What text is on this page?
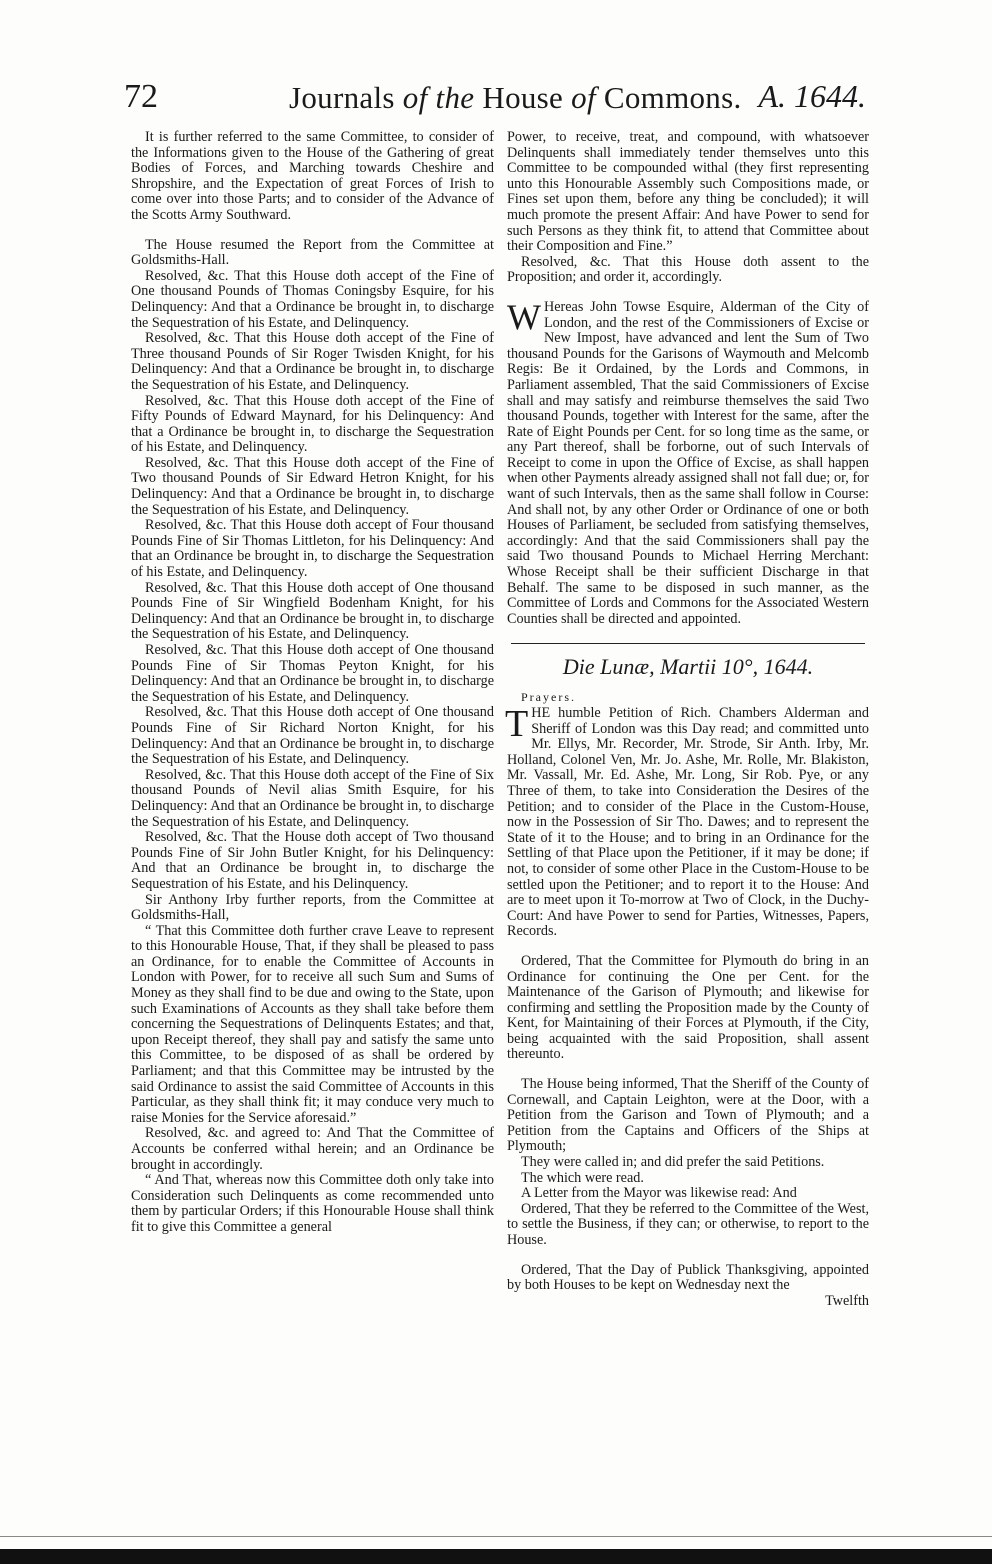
72	Journals of the House of Commons. A. 1644.

It is further referred to the same Committee, to consider of the Informations given to the House of the Gathering of great Bodies of Forces, and Marching towards Cheshire and Shropshire, and the Expectation of great Forces of Irish to come over into those Parts; and to consider of the Advance of the Scotts Army Southward.

The House resumed the Report from the Committee at Goldsmiths-Hall.

Resolved, &c. That this House doth accept of the Fine of One thousand Pounds of Thomas Coningsby Esquire, for his Delinquency: And that a Ordinance be brought in, to discharge the Sequestration of his Estate, and Delinquency.

Resolved, &c. That this House doth accept of the Fine of Three thousand Pounds of Sir Roger Twisden Knight, for his Delinquency: And that a Ordinance be brought in, to discharge the Sequestration of his Estate, and Delinquency.

Resolved, &c. That this House doth accept of the Fine of Fifty Pounds of Edward Maynard, for his Delinquency: And that a Ordinance be brought in, to discharge the Sequestration of his Estate, and Delinquency.

Resolved, &c. That this House doth accept of the Fine of Two thousand Pounds of Sir Edward Hetron Knight, for his Delinquency: And that a Ordinance be brought in, to discharge the Sequestration of his Estate, and Delinquency.

Resolved, &c. That this House doth accept of Four thousand Pounds Fine of Sir Thomas Littleton, for his Delinquency: And that an Ordinance be brought in, to discharge the Sequestration of his Estate, and Delinquency.

Resolved, &c. That this House doth accept of One thousand Pounds Fine of Sir Wingfield Bodenham Knight, for his Delinquency: And that an Ordinance be brought in, to discharge the Sequestration of his Estate, and Delinquency.

Resolved, &c. That this House doth accept of One thousand Pounds Fine of Sir Thomas Peyton Knight, for his Delinquency: And that an Ordinance be brought in, to discharge the Sequestration of his Estate, and Delinquency.

Resolved, &c. That this House doth accept of One thousand Pounds Fine of Sir Richard Norton Knight, for his Delinquency: And that an Ordinance be brought in, to discharge the Sequestration of his Estate, and Delinquency.

Resolved, &c. That this House doth accept of the Fine of Six thousand Pounds of Nevil alias Smith Esquire, for his Delinquency: And that an Ordinance be brought in, to discharge the Sequestration of his Estate, and Delinquency.

Resolved, &c. That the House doth accept of Two thousand Pounds Fine of Sir John Butler Knight, for his Delinquency: And that an Ordinance be brought in, to discharge the Sequestration of his Estate, and his Delinquency.

Sir Anthony Irby further reports, from the Committee at Goldsmiths-Hall,

“ That this Committee doth further crave Leave to represent to this Honourable House, That, if they shall be pleased to pass an Ordinance, for to enable the Committee of Accounts in London with Power, for to receive all such Sum and Sums of Money as they shall find to be due and owing to the State, upon such Examinations of Accounts as they shall take before them concerning the Sequestrations of Delinquents Estates; and that, upon Receipt thereof, they shall pay and satisfy the same unto this Committee, to be disposed of as shall be ordered by Parliament; and that this Committee may be intrusted by the said Ordinance to assist the said Committee of Accounts in this Particular, as they shall think fit; it may conduce very much to raise Monies for the Service aforesaid.”

Resolved, &c. and agreed to: And That the Committee of Accounts be conferred withal herein; and an Ordinance be brought in accordingly.

“ And That, whereas now this Committee doth only take into Consideration such Delinquents as come recommended unto them by particular Orders; if this Honourable House shall think fit to give this Committee a general

Power, to receive, treat, and compound, with whatsoever Delinquents shall immediately tender themselves unto this Committee to be compounded withal (they first representing unto this Honourable Assembly such Compositions made, or Fines set upon them, before any thing be concluded); it will much promote the present Affair: And have Power to send for such Persons as they think fit, to attend that Committee about their Composition and Fine.”

Resolved, &c. That this House doth assent to the Proposition; and order it, accordingly.

W Hereas John Towse Esquire, Alderman of the City of London, and the rest of the Commissioners of Excise or New Impost, have advanced and lent the Sum of Two thousand Pounds for the Garisons of Waymouth and Melcomb Regis: Be it Ordained, by the Lords and Commons, in Parliament assembled, That the said Commissioners of Excise shall and may satisfy and reimburse themselves the said Two thousand Pounds, together with Interest for the same, after the Rate of Eight Pounds per Cent. for so long time as the same, or any Part thereof, shall be forborne, out of such Intervals of Receipt to come in upon the Office of Excise, as shall happen when other Payments already assigned shall not fall due; or, for want of such Intervals, then as the same shall follow in Course: And shall not, by any other Order or Ordinance of one or both Houses of Parliament, be secluded from satisfying themselves, accordingly: And that the said Commissioners shall pay the said Two thousand Pounds to Michael Herring Merchant: Whose Receipt shall be their sufficient Discharge in that Behalf. The same to be disposed in such manner, as the Committee of Lords and Commons for the Associated Western Counties shall be directed and appointed.

Die Lunæ, Martii 10°, 1644.

Prayers.

THE humble Petition of Rich. Chambers Alderman and Sheriff of London was this Day read; and committed unto Mr. Ellys, Mr. Recorder, Mr. Strode, Sir Anth. Irby, Mr. Holland, Colonel Ven, Mr. Jo. Ashe, Mr. Rolle, Mr. Blakiston, Mr. Vassall, Mr. Ed. Ashe, Mr. Long, Sir Rob. Pye, or any Three of them, to take into Consideration the Desires of the Petition; and to consider of the Place in the Custom-House, now in the Possession of Sir Tho. Dawes; and to represent the State of it to the House; and to bring in an Ordinance for the Settling of that Place upon the Petitioner, if it may be done; if not, to consider of some other Place in the Custom-House to be settled upon the Petitioner; and to report it to the House: And are to meet upon it To-morrow at Two of Clock, in the Duchy-Court: And have Power to send for Parties, Witnesses, Papers, Records.

Ordered, That the Committee for Plymouth do bring in an Ordinance for continuing the One per Cent. for the Maintenance of the Garison of Plymouth; and likewise for confirming and settling the Proposition made by the County of Kent, for Maintaining of their Forces at Plymouth, if the City, being acquainted with the said Proposition, shall assent thereunto.

The House being informed, That the Sheriff of the County of Cornewall, and Captain Leighton, were at the Door, with a Petition from the Garison and Town of Plymouth; and a Petition from the Captains and Officers of the Ships at Plymouth;

They were called in; and did prefer the said Petitions.

The which were read.

A Letter from the Mayor was likewise read: And

Ordered, That they be referred to the Committee of the West, to settle the Business, if they can; or otherwise, to report to the House.

Ordered, That the Day of Publick Thanksgiving, appointed by both Houses to be kept on Wednesday next the

Twelfth
